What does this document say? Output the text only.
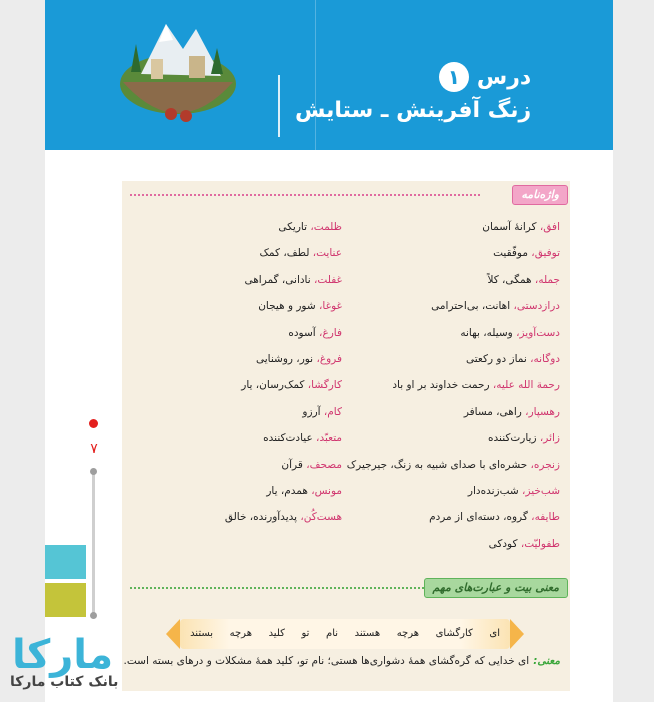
درس
۱
زنگ آفرینش ـ ستایش
۷
واژه‌نامه
افق، کرانهٔ آسمان
توفیق، موفّقیت
جمله، همگی، کلاً
درازدستی، اهانت، بی‌احترامی
دست‌آویز، وسیله، بهانه
دوگانه، نماز دو رکعتی
رحمة الله علیه، رحمت خداوند بر او باد
رهسپار، راهی، مسافر
زائر، زیارت‌کننده
زنجره، حشره‌ای با صدای شبیه به زنگ، جیرجیرک
شب‌خیز، شب‌زنده‌دار
طایفه، گروه، دسته‌ای از مردم
طفولیّت، کودکی
ظلمت، تاریکی
عنایت، لطف، کمک
غفلت، نادانی، گمراهی
غوغا، شور و هیجان
فارغ، آسوده
فروغ، نور، روشنایی
کارگشا، کمک‌رسان، یار
کام، آرزو
متعبّد، عیادت‌کننده
مصحف، قرآن
مونس، همدم، یار
هست‌کُن، پدیدآورنده، خالق
معنی بیت و عبارت‌های مهم
ای
کارگشای
هرچه
هستند
نام
تو
کلید
هرچه
بستند
معنی:ای خدایی که گره‌گشای همهٔ دشواری‌ها هستی؛ نام تو، کلید همهٔ مشکلات و درهای بسته است.
ماركا
بانک کتاب مارکا
